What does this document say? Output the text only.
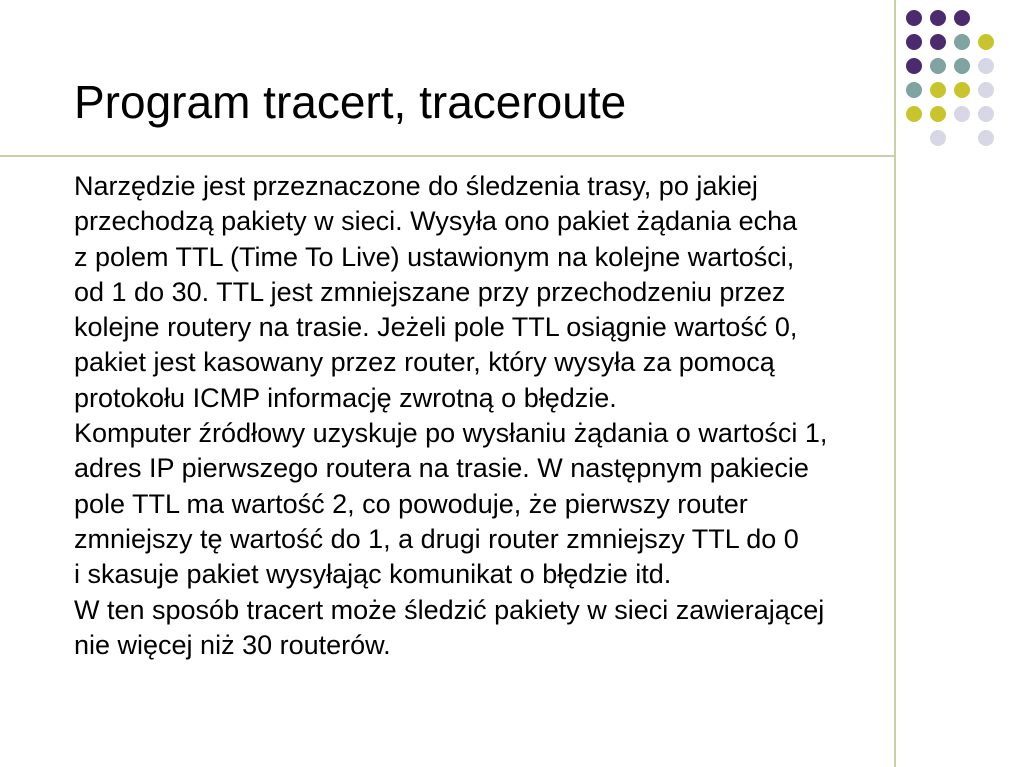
Program tracert, traceroute
Narzędzie jest przeznaczone do śledzenia trasy, po jakiej
przechodzą pakiety w sieci. Wysyła ono pakiet żądania echa
z polem TTL (Time To Live) ustawionym na kolejne wartości,
od 1 do 30. TTL jest zmniejszane przy przechodzeniu przez
kolejne routery na trasie. Jeżeli pole TTL osiągnie wartość 0,
pakiet jest kasowany przez router, który wysyła za pomocą
protokołu ICMP informację zwrotną o błędzie.
Komputer źródłowy uzyskuje po wysłaniu żądania o wartości 1,
adres IP pierwszego routera na trasie. W następnym pakiecie
pole TTL ma wartość 2, co powoduje, że pierwszy router
zmniejszy tę wartość do 1, a drugi router zmniejszy TTL do 0
i skasuje pakiet wysyłając komunikat o błędzie itd.
W ten sposób tracert może śledzić pakiety w sieci zawierającej
nie więcej niż 30 routerów.
